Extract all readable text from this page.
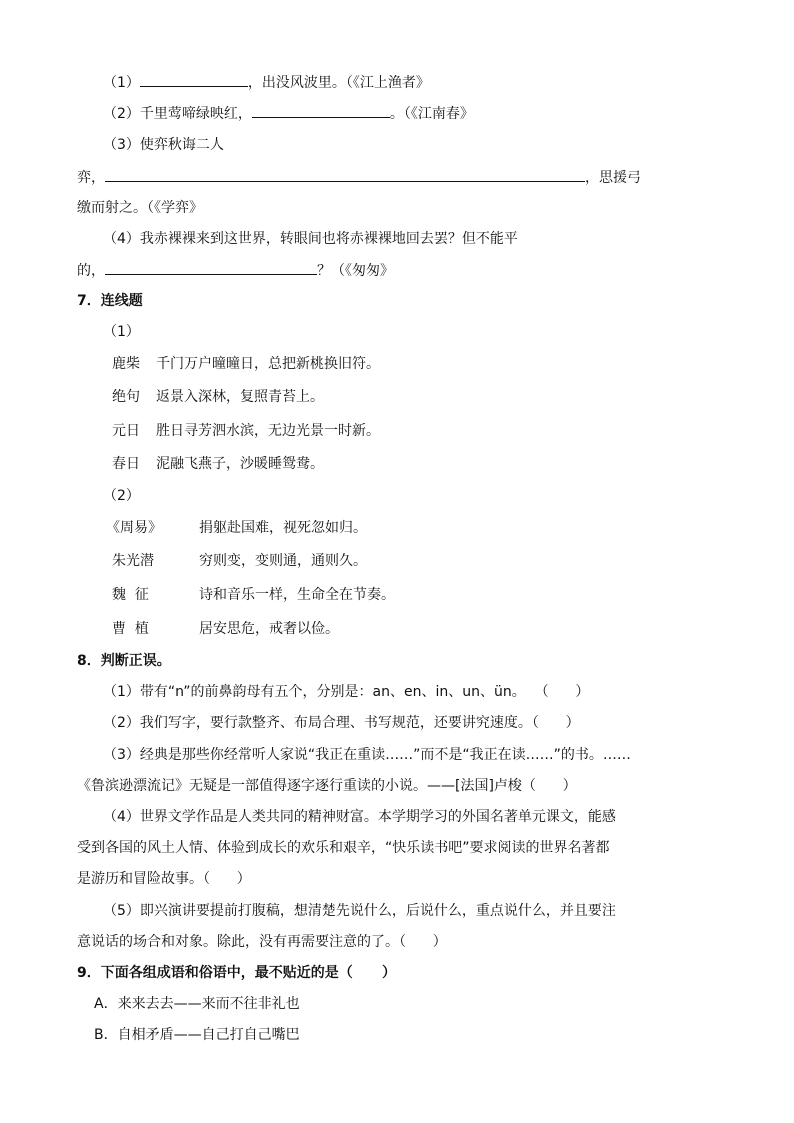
（1）	，出没风波里。（《江上渔者》
（2）千里莺啼绿映红，	。（《江南春》
（3）使弈秋诲二人
弈，	，思援弓
缴而射之。（《学弈》
（4）我赤裸裸来到这世界，转眼间也将赤裸裸地回去罢？但不能平
的，	？（《匆匆》
7．连线题
（1）
鹿柴 千门万户曈曈日，总把新桃换旧符。
绝句 返景入深林，复照青苔上。
元日 胜日寻芳泗水滨，无边光景一时新。
春日 泥融飞燕子，沙暖睡鸳鸯。
（2）
《周易》	捐躯赴国难，视死忽如归。
朱光潜	穷则变，变则通，通则久。
魏  征	诗和音乐一样，生命全在节奏。
曹  植	居安思危，戒奢以俭。
8．判断正误。
（1）带有“n”的前鼻韵母有五个，分别是：an、en、in、un、ün。  （      ）
（2）我们写字，要行款整齐、布局合理、书写规范，还要讲究速度。（      ）
（3）经典是那些你经常听人家说“我正在重读……”而不是“我正在读……”的书。……
《鲁滨逊漂流记》无疑是一部值得逐字逐行重读的小说。——[法国]卢梭（      ）
（4）世界文学作品是人类共同的精神财富。本学期学习的外国名著单元课文，能感
受到各国的风土人情、体验到成长的欢乐和艰辛，“快乐读书吧”要求阅读的世界名著都
是游历和冒险故事。（      ）
（5）即兴演讲要提前打腹稿，想清楚先说什么，后说什么，重点说什么，并且要注
意说话的场合和对象。除此，没有再需要注意的了。（      ）
9．下面各组成语和俗语中，最不贴近的是（      ）
A．来来去去——来而不往非礼也
B．自相矛盾——自己打自己嘴巴
